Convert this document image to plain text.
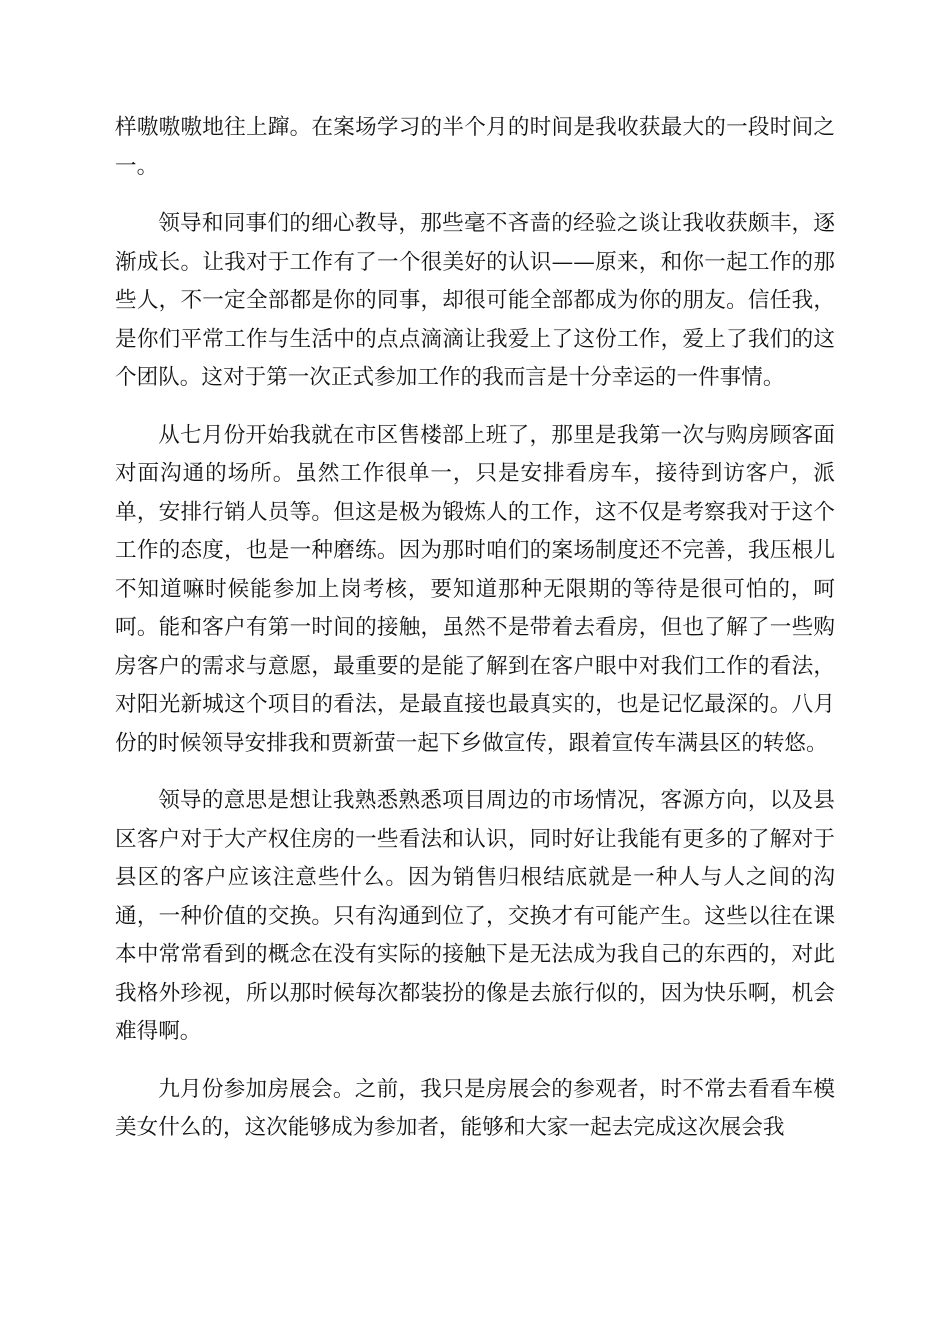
样嗷嗷嗷地往上蹿。在案场学习的半个月的时间是我收获最大的一段时间之一。

领导和同事们的细心教导，那些毫不吝啬的经验之谈让我收获颇丰，逐渐成长。让我对于工作有了一个很美好的认识——原来，和你一起工作的那些人，不一定全部都是你的同事，却很可能全部都成为你的朋友。信任我，是你们平常工作与生活中的点点滴滴让我爱上了这份工作，爱上了我们的这个团队。这对于第一次正式参加工作的我而言是十分幸运的一件事情。

从七月份开始我就在市区售楼部上班了，那里是我第一次与购房顾客面对面沟通的场所。虽然工作很单一，只是安排看房车，接待到访客户，派单，安排行销人员等。但这是极为锻炼人的工作，这不仅是考察我对于这个工作的态度，也是一种磨练。因为那时咱们的案场制度还不完善，我压根儿不知道嘛时候能参加上岗考核，要知道那种无限期的等待是很可怕的，呵呵。能和客户有第一时间的接触，虽然不是带着去看房，但也了解了一些购房客户的需求与意愿，最重要的是能了解到在客户眼中对我们工作的看法，对阳光新城这个项目的看法，是最直接也最真实的，也是记忆最深的。八月份的时候领导安排我和贾新萤一起下乡做宣传，跟着宣传车满县区的转悠。

领导的意思是想让我熟悉熟悉项目周边的市场情况，客源方向，以及县区客户对于大产权住房的一些看法和认识，同时好让我能有更多的了解对于县区的客户应该注意些什么。因为销售归根结底就是一种人与人之间的沟通，一种价值的交换。只有沟通到位了，交换才有可能产生。这些以往在课本中常常看到的概念在没有实际的接触下是无法成为我自己的东西的，对此我格外珍视，所以那时候每次都装扮的像是去旅行似的，因为快乐啊，机会难得啊。

九月份参加房展会。之前，我只是房展会的参观者，时不常去看看车模美女什么的，这次能够成为参加者，能够和大家一起去完成这次展会我
